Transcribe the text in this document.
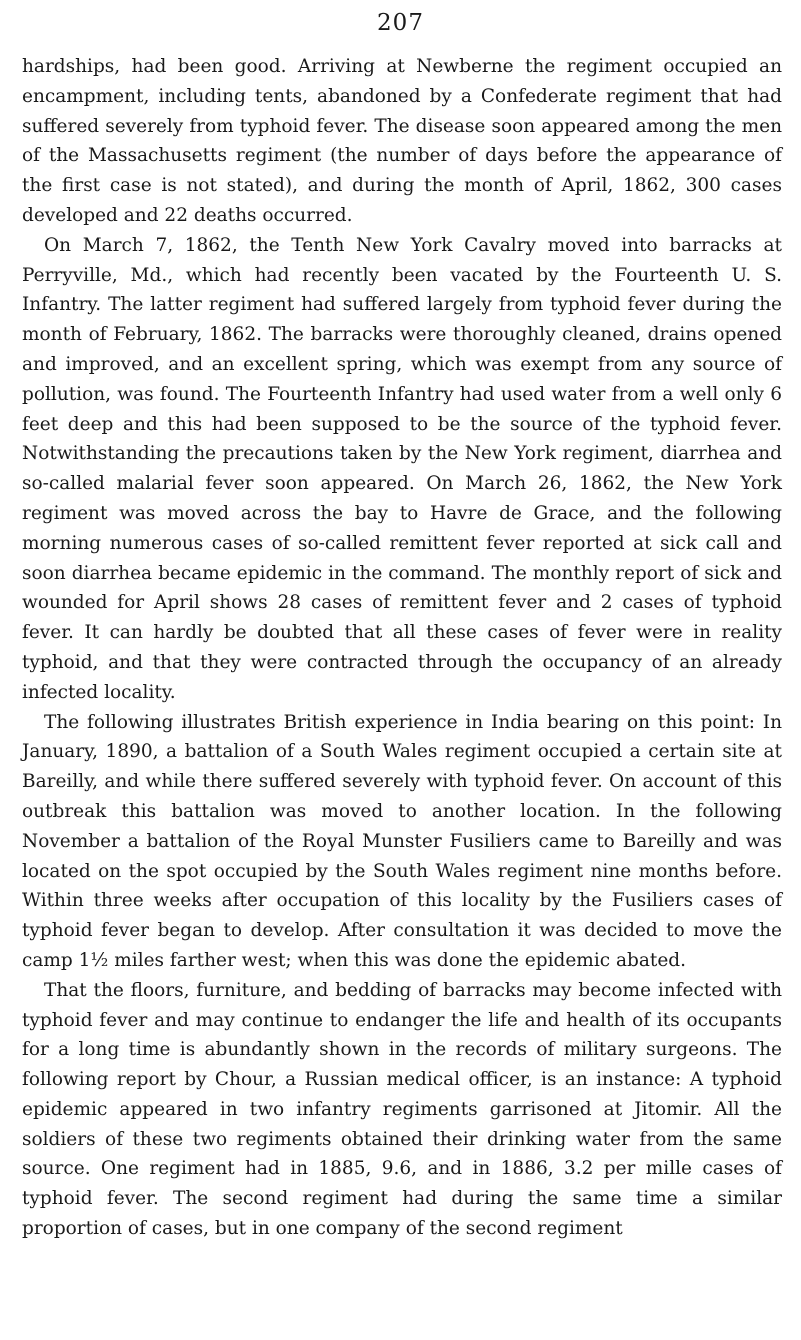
207

hardships, had been good. Arriving at Newberne the regiment occupied an encampment, including tents, abandoned by a Confederate regiment that had suffered severely from typhoid fever. The disease soon appeared among the men of the Massachusetts regiment (the number of days before the appearance of the first case is not stated), and during the month of April, 1862, 300 cases developed and 22 deaths occurred.

On March 7, 1862, the Tenth New York Cavalry moved into barracks at Perryville, Md., which had recently been vacated by the Fourteenth U. S. Infantry. The latter regiment had suffered largely from typhoid fever during the month of February, 1862. The barracks were thoroughly cleaned, drains opened and improved, and an excellent spring, which was exempt from any source of pollution, was found. The Fourteenth Infantry had used water from a well only 6 feet deep and this had been supposed to be the source of the typhoid fever. Notwithstanding the precautions taken by the New York regiment, diarrhea and so-called malarial fever soon appeared. On March 26, 1862, the New York regiment was moved across the bay to Havre de Grace, and the following morning numerous cases of so-called remittent fever reported at sick call and soon diarrhea became epidemic in the command. The monthly report of sick and wounded for April shows 28 cases of remittent fever and 2 cases of typhoid fever. It can hardly be doubted that all these cases of fever were in reality typhoid, and that they were contracted through the occupancy of an already infected locality.

The following illustrates British experience in India bearing on this point: In January, 1890, a battalion of a South Wales regiment occupied a certain site at Bareilly, and while there suffered severely with typhoid fever. On account of this outbreak this battalion was moved to another location. In the following November a battalion of the Royal Munster Fusiliers came to Bareilly and was located on the spot occupied by the South Wales regiment nine months before. Within three weeks after occupation of this locality by the Fusiliers cases of typhoid fever began to develop. After consultation it was decided to move the camp 1½ miles farther west; when this was done the epidemic abated.

That the floors, furniture, and bedding of barracks may become infected with typhoid fever and may continue to endanger the life and health of its occupants for a long time is abundantly shown in the records of military surgeons. The following report by Chour, a Russian medical officer, is an instance: A typhoid epidemic appeared in two infantry regiments garrisoned at Jitomir. All the soldiers of these two regiments obtained their drinking water from the same source. One regiment had in 1885, 9.6, and in 1886, 3.2 per mille cases of typhoid fever. The second regiment had during the same time a similar proportion of cases, but in one company of the second regiment
